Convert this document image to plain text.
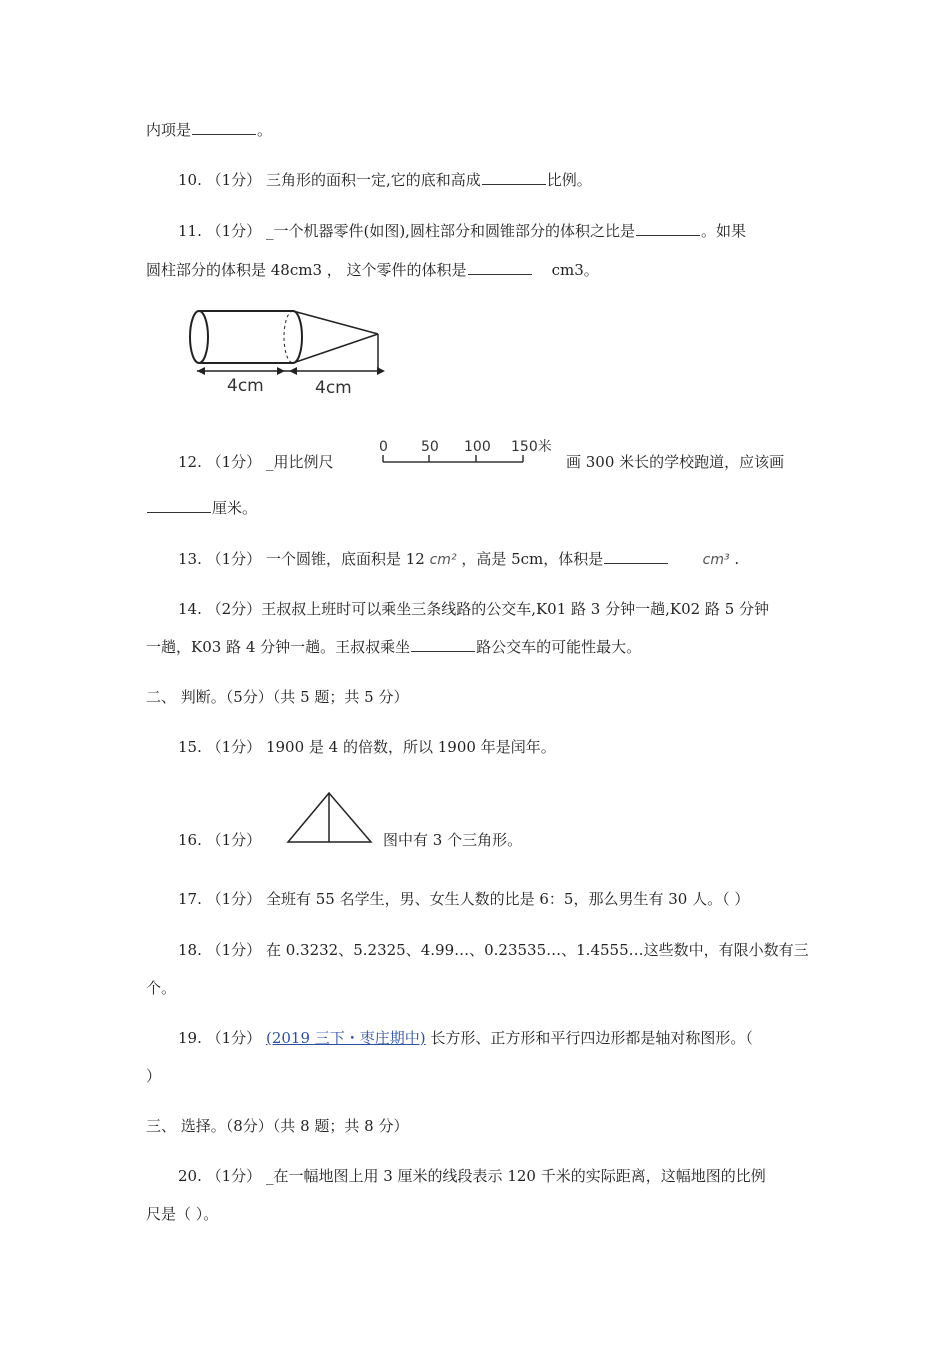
内项是	。
10. （1分） 三角形的面积一定,它的底和高成	比例。
11. （1分） _一个机器零件(如图),圆柱部分和圆锥部分的体积之比是	。如果
圆柱部分的体积是 48cm3 ， 这个零件的体积是	cm3。
4cm	4cm
12. （1分） _用比例尺
0 50 100 150米
画 300 米长的学校跑道，应该画
厘米。
13. （1分） 一个圆锥，底面积是 12 cm² ，高是 5cm，体积是	cm³ .
14. （2分）王叔叔上班时可以乘坐三条线路的公交车,K01 路 3 分钟一趟,K02 路 5 分钟
一趟，K03 路 4 分钟一趟。王叔叔乘坐	路公交车的可能性最大。
二、 判断。（5分）（共 5 题；共 5 分）
15. （1分） 1900 是 4 的倍数，所以 1900 年是闰年。
16. （1分）	图中有 3 个三角形。
17. （1分） 全班有 55 名学生，男、女生人数的比是 6：5，那么男生有 30 人。（ ）
18. （1分） 在 0.3232、5.2325、4.99…、0.23535…、1.4555…这些数中，有限小数有三
个。
19. （1分） (2019 三下・枣庄期中) 长方形、正方形和平行四边形都是轴对称图形。（
）
三、 选择。（8分）（共 8 题；共 8 分）
20. （1分） _在一幅地图上用 3 厘米的线段表示 120 千米的实际距离，这幅地图的比例
尺是（ ）。
